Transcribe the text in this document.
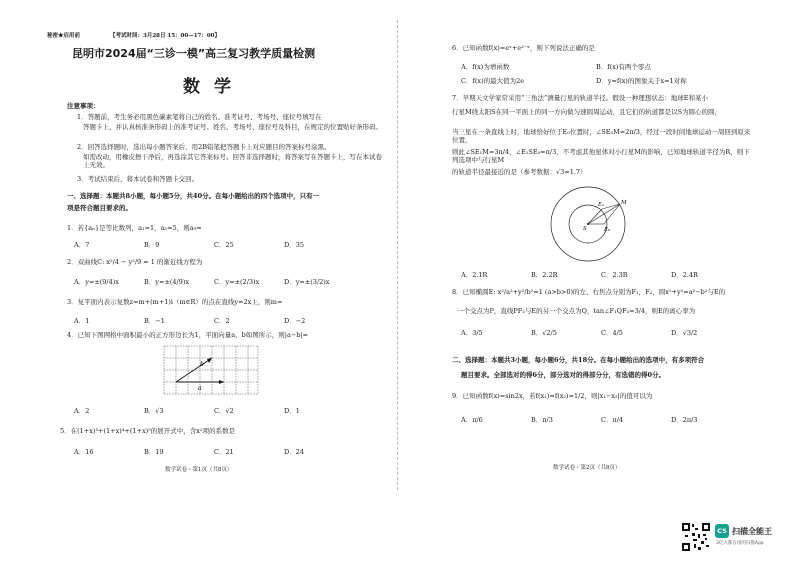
秘密★启用前	【考试时间：3月28日 15：00—17：00】
昆明市2024届“三诊一模”高三复习教学质量检测
数学
注意事项：
1．答题前，考生务必用黑色碳素笔将自己的姓名、准考证号、考场号、座位号填写在
答题卡上，并认真核准条形码上的准考证号、姓名、考场号、座位号及科目，在规定的位置贴好条形码。
2．回答选择题时，选出每小题答案后，用2B铅笔把答题卡上对应题目的答案标号涂黑。
如需改动，用橡皮擦干净后，再选涂其它答案标号。回答非选择题时，将答案写在答题卡上，写在本试卷上无效。
3．考试结束后，将本试卷和答题卡交回。
一、选择题：本题共8小题，每小题5分，共40分。在每小题给出的四个选项中，只有一
项是符合题目要求的。
1．若{aₙ}是等比数列，a₁=1，a₅=5，则a₉=
A．7	B．9	C．25	D．35
2．双曲线C: x²/4 − y²/9 = 1 的渐近线方程为
A．y=±(9/4)x	B．y=±(4/9)x	C．y=±(2/3)x	D．y=±(3/2)x
3．复平面内表示复数z=m+(m+1)i（m∈R）的点在直线y=2x上，则m=
A．1	B．−1	C．2	D．−2
4．已知下图网格中面积最小的正方形边长为1，平面向量a，b如图所示，则|a−b|=
b
a
A．2	B．√3	C．√2	D．1
5．在(1+x)³+(1+x)⁴+(1+x)⁵的展开式中，含x²项的系数是
A．16	B．19	C．21	D．24
数学试卷・第1页（共8页）
6．已知函数f(x)=eˣ+e²⁻ˣ，则下列说法正确的是
A．f(x)为增函数	B．f(x)有两个零点
C．f(x)的最大值为2e	D．y=f(x)的图象关于x=1对称
7．早期天文学家常采用“三角法”测量行星的轨道半径。假设一种理想状态：地球E和某小
行星M绕太阳S在同一平面上的同一方向做匀速圆周运动，且它们的轨道都是以S为圆心的圆，
当三星在一条直线上时，地球恰好位于E₀位置时，∠SE₀M=2π/3，经过一段时间地球运动一周回到原来位置，
则此∠SE₁M=3π/4，∠E₁SE₀=π/3，不考虑其他星体对小行星M的影响，已知地球轨道半径为R，则下列选项中与行星M
的轨道半径最接近的是（参考数据：√3≈1.7）
E₁	M
S	E₀
A．2.1R	B．2.2R	C．2.3R	D．2.4R
8．已知椭圆E: x²/a²+y²/b²=1 (a>b>0)的左、右焦点分别为F₁，F₂，圆x²+y²=a²−b²与E的
一个交点为P，直线PF₂与E的另一个交点为Q，tan∠F₁QF₂=3/4，则E的离心率为
A．3/5	B．√2/5	C．4/5	D．√3/2
二、选择题：本题共3小题，每小题6分，共18分。在每小题给出的选项中，有多项符合
题目要求。全部选对的得6分，部分选对的得部分分，有选错的得0分。
9．已知函数f(x)=sin2x，若f(x₁)=f(x₂)=1/2，则|x₁−x₂|的值可以为
A．π/6	B．π/3	C．π/4	D．2π/3
数学试卷・第2页（共8页）
CS 扫描全能王
3亿人都在用的扫描App
